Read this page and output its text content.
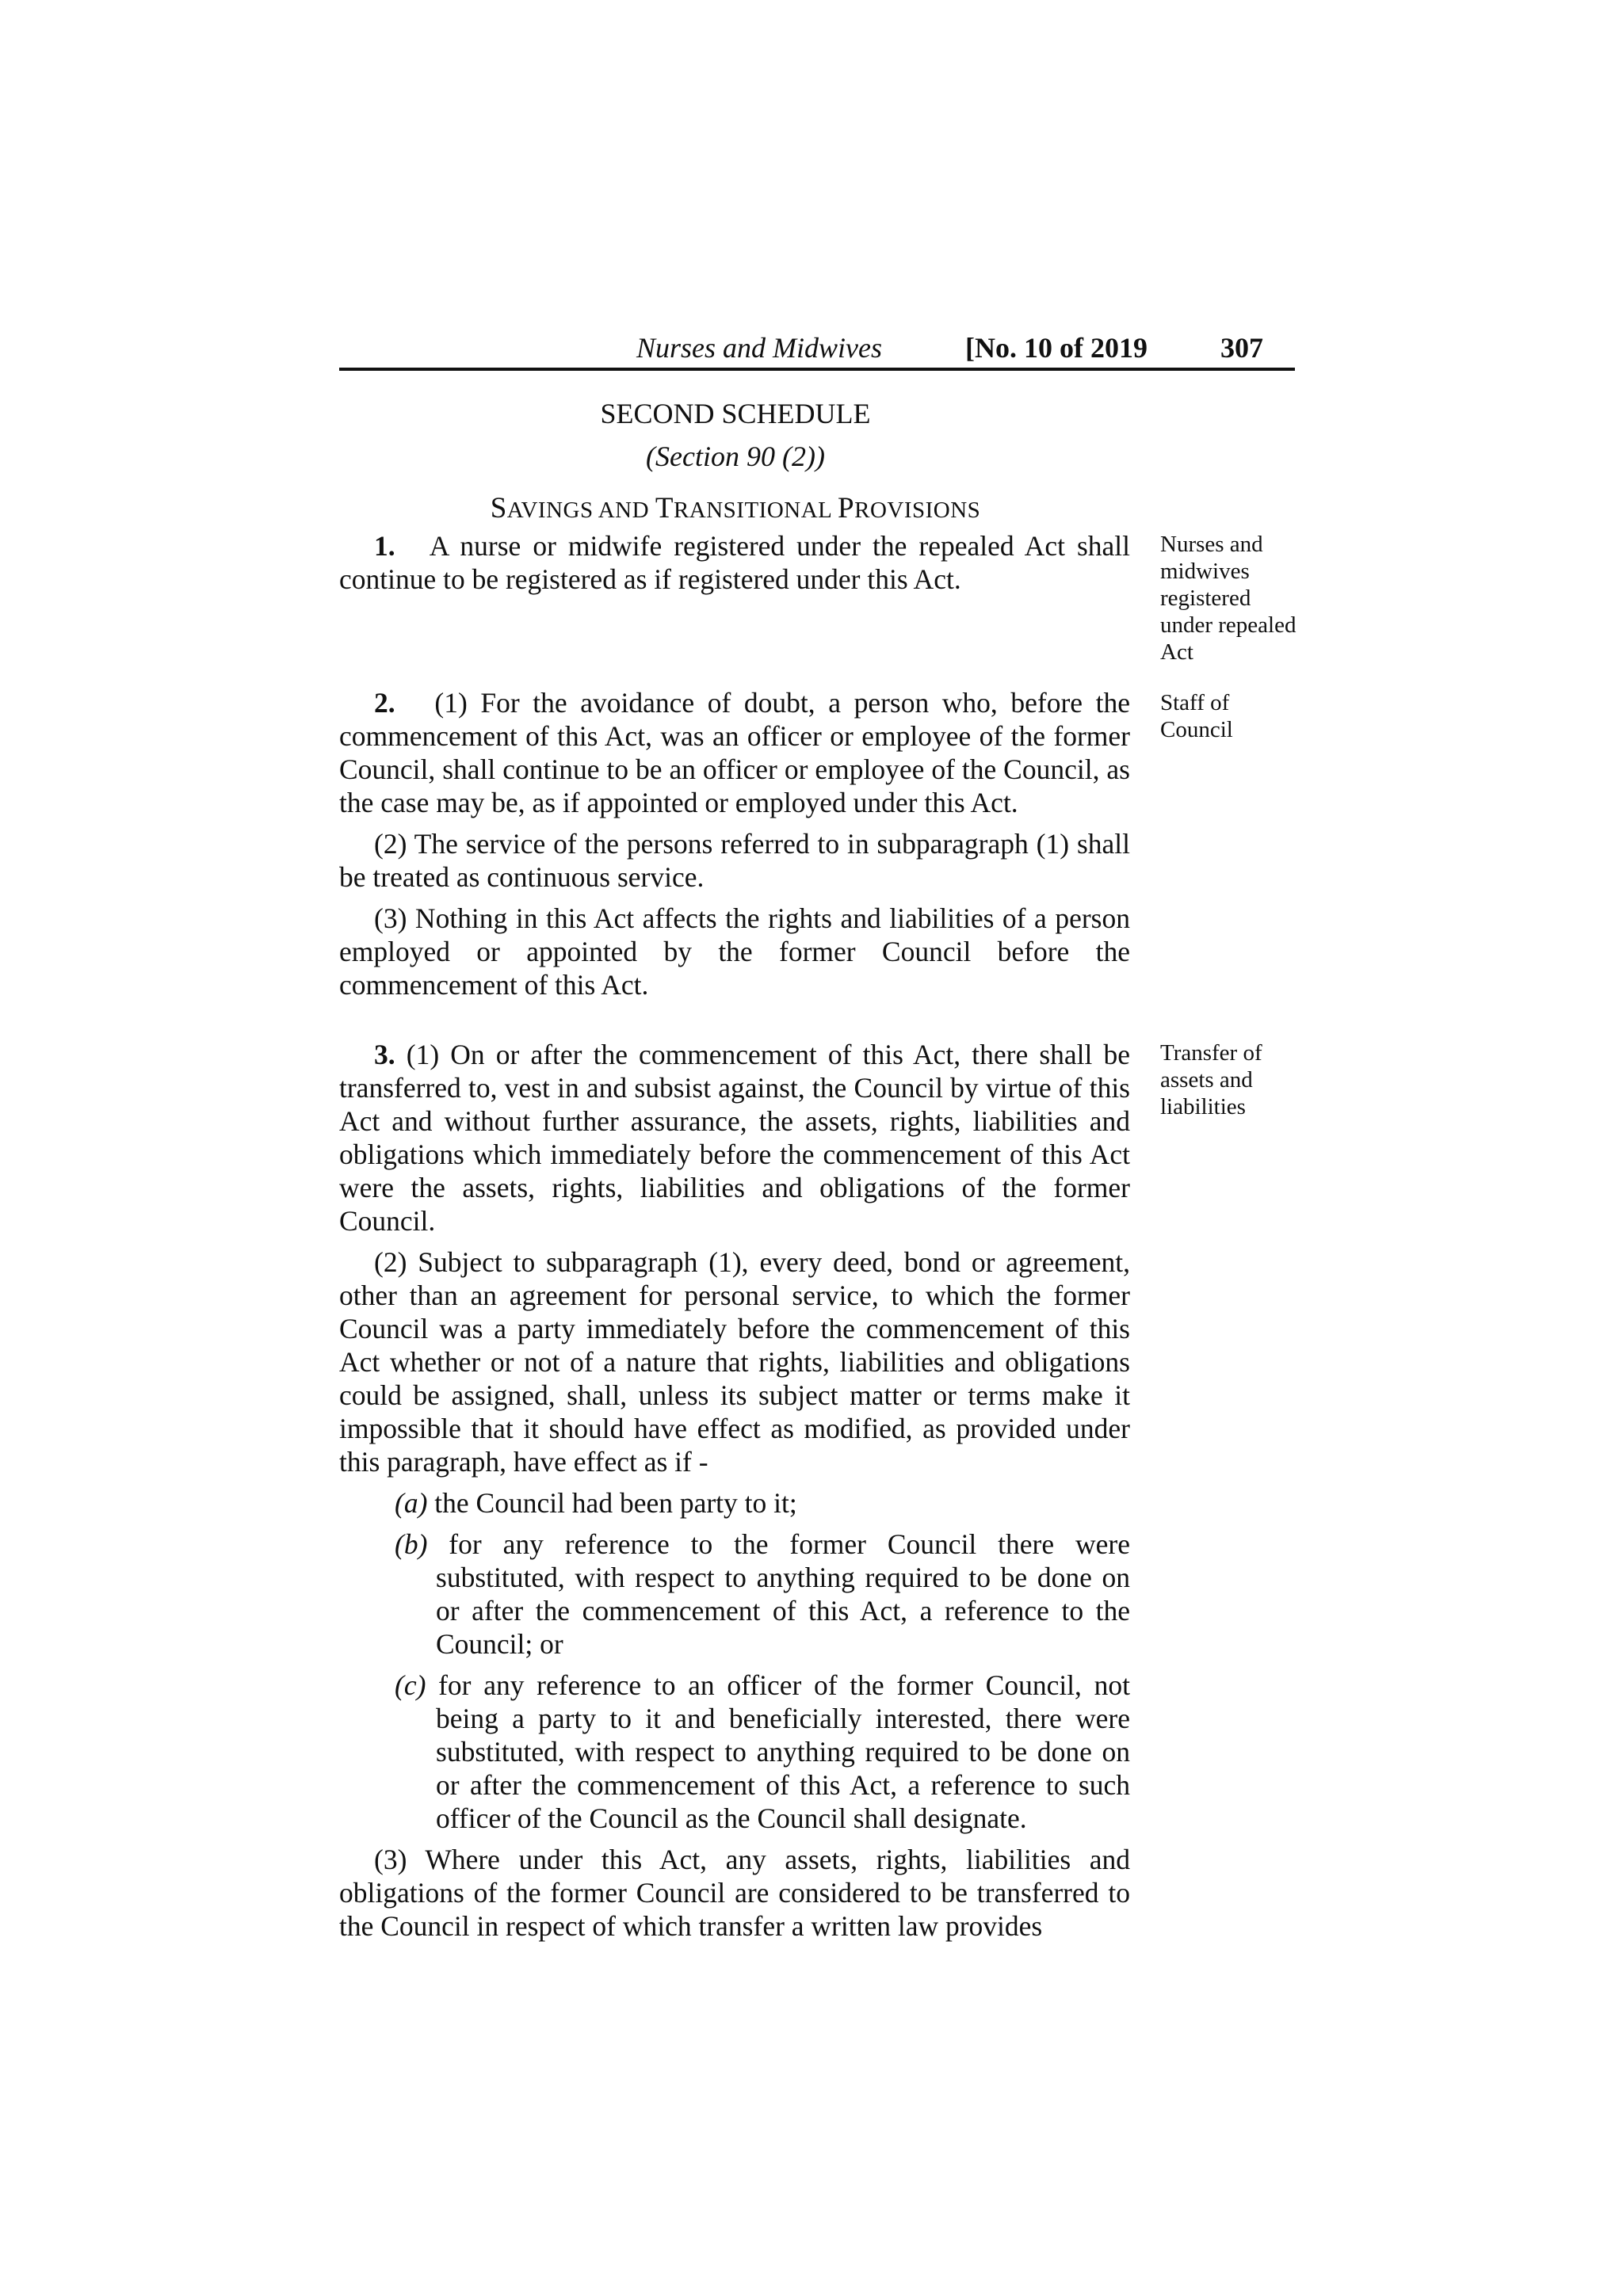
Nurses and Midwives	[No. 10 of 2019	307
SECOND SCHEDULE
(Section 90 (2))
SAVINGS AND TRANSITIONAL PROVISIONS

1. A nurse or midwife registered under the repealed Act shall continue to be registered as if registered under this Act.

2. (1) For the avoidance of doubt, a person who, before the commencement of this Act, was an officer or employee of the former Council, shall continue to be an officer or employee of the Council, as the case may be, as if appointed or employed under this Act.

(2) The service of the persons referred to in subparagraph (1) shall be treated as continuous service.

(3) Nothing in this Act affects the rights and liabilities of a person employed or appointed by the former Council before the commencement of this Act.

3. (1) On or after the commencement of this Act, there shall be transferred to, vest in and subsist against, the Council by virtue of this Act and without further assurance, the assets, rights, liabilities and obligations which immediately before the commencement of this Act were the assets, rights, liabilities and obligations of the former Council.

(2) Subject to subparagraph (1), every deed, bond or agreement, other than an agreement for personal service, to which the former Council was a party immediately before the commencement of this Act whether or not of a nature that rights, liabilities and obligations could be assigned, shall, unless its subject matter or terms make it impossible that it should have effect as modified, as provided under this paragraph, have effect as if -

(a) the Council had been party to it;

(b) for any reference to the former Council there were substituted, with respect to anything required to be done on or after the commencement of this Act, a reference to the Council; or

(c) for any reference to an officer of the former Council, not being a party to it and beneficially interested, there were substituted, with respect to anything required to be done on or after the commencement of this Act, a reference to such officer of the Council as the Council shall designate.

(3) Where under this Act, any assets, rights, liabilities and obligations of the former Council are considered to be transferred to the Council in respect of which transfer a written law provides

Nurses and midwives registered under repealed Act
Staff of Council
Transfer of assets and liabilities
